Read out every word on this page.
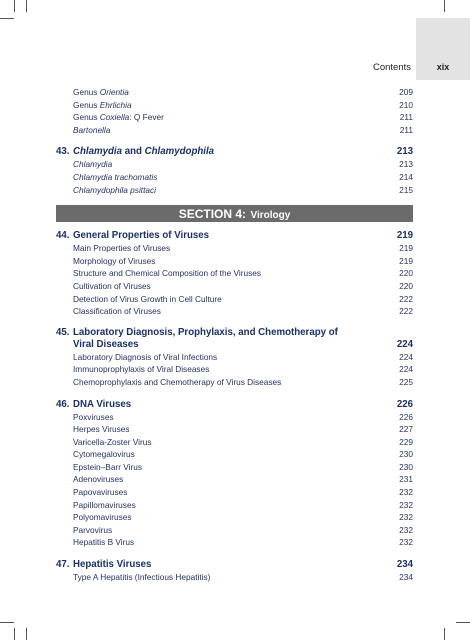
Contents	xix
Genus Orientia	209
Genus Ehrlichia	210
Genus Coxiella: Q Fever	211
Bartonella	211
43. Chlamydia and Chlamydophila	213
Chlamydia	213
Chlamydia trachomatis	214
Chlamydophila psittaci	215
SECTION 4: Virology
44. General Properties of Viruses	219
Main Properties of Viruses	219
Morphology of Viruses	219
Structure and Chemical Composition of the Viruses	220
Cultivation of Viruses	220
Detection of Virus Growth in Cell Culture	222
Classification of Viruses	222
45. Laboratory Diagnosis, Prophylaxis, and Chemotherapy of
Viral Diseases	224
Laboratory Diagnosis of Viral Infections	224
Immunoprophylaxis of Viral Diseases	224
Chemoprophylaxis and Chemotherapy of Virus Diseases	225
46. DNA Viruses	226
Poxviruses	226
Herpes Viruses	227
Varicella-Zoster Virus	229
Cytomegalovirus	230
Epstein–Barr Virus	230
Adenoviruses	231
Papovaviruses	232
Papillomaviruses	232
Polyomaviruses	232
Parvovirus	232
Hepatitis B Virus	232
47. Hepatitis Viruses	234
Type A Hepatitis (Infectious Hepatitis)	234
